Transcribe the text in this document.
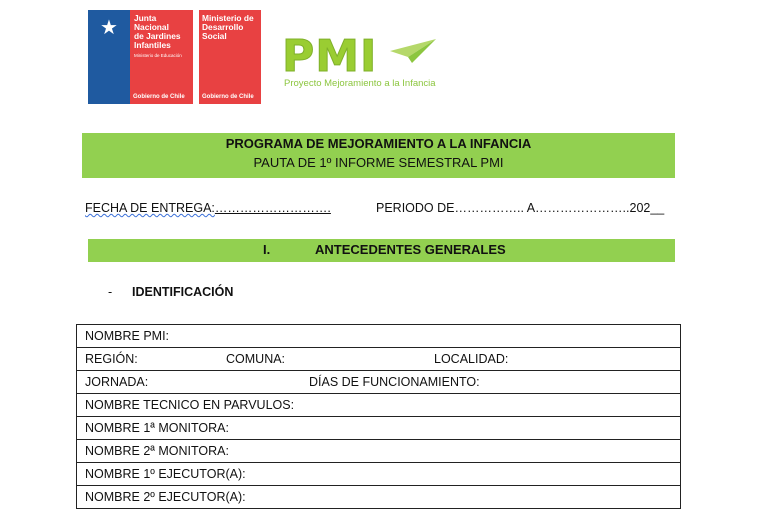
★	Junta Nacional
de Jardines
Infantiles
Ministerio de Educación
Gobierno de Chile
Ministerio de
Desarrollo
Social
Gobierno de Chile
PMI
Proyecto Mejoramiento a la Infancia
PROGRAMA DE MEJORAMIENTO A LA INFANCIA
PAUTA DE 1º INFORME SEMESTRAL PMI
FECHA DE ENTREGA:……………………….	PERIODO DE…………….. A…………………..202__
I.	ANTECEDENTES GENERALES
- IDENTIFICACIÓN
NOMBRE PMI:
REGIÓN:	COMUNA:	LOCALIDAD:

JORNADA:	DÍAS DE FUNCIONAMIENTO:

NOMBRE TECNICO EN PARVULOS:
NOMBRE 1ª MONITORA:
NOMBRE 2ª MONITORA:
NOMBRE 1º EJECUTOR(A):
NOMBRE 2º EJECUTOR(A):
